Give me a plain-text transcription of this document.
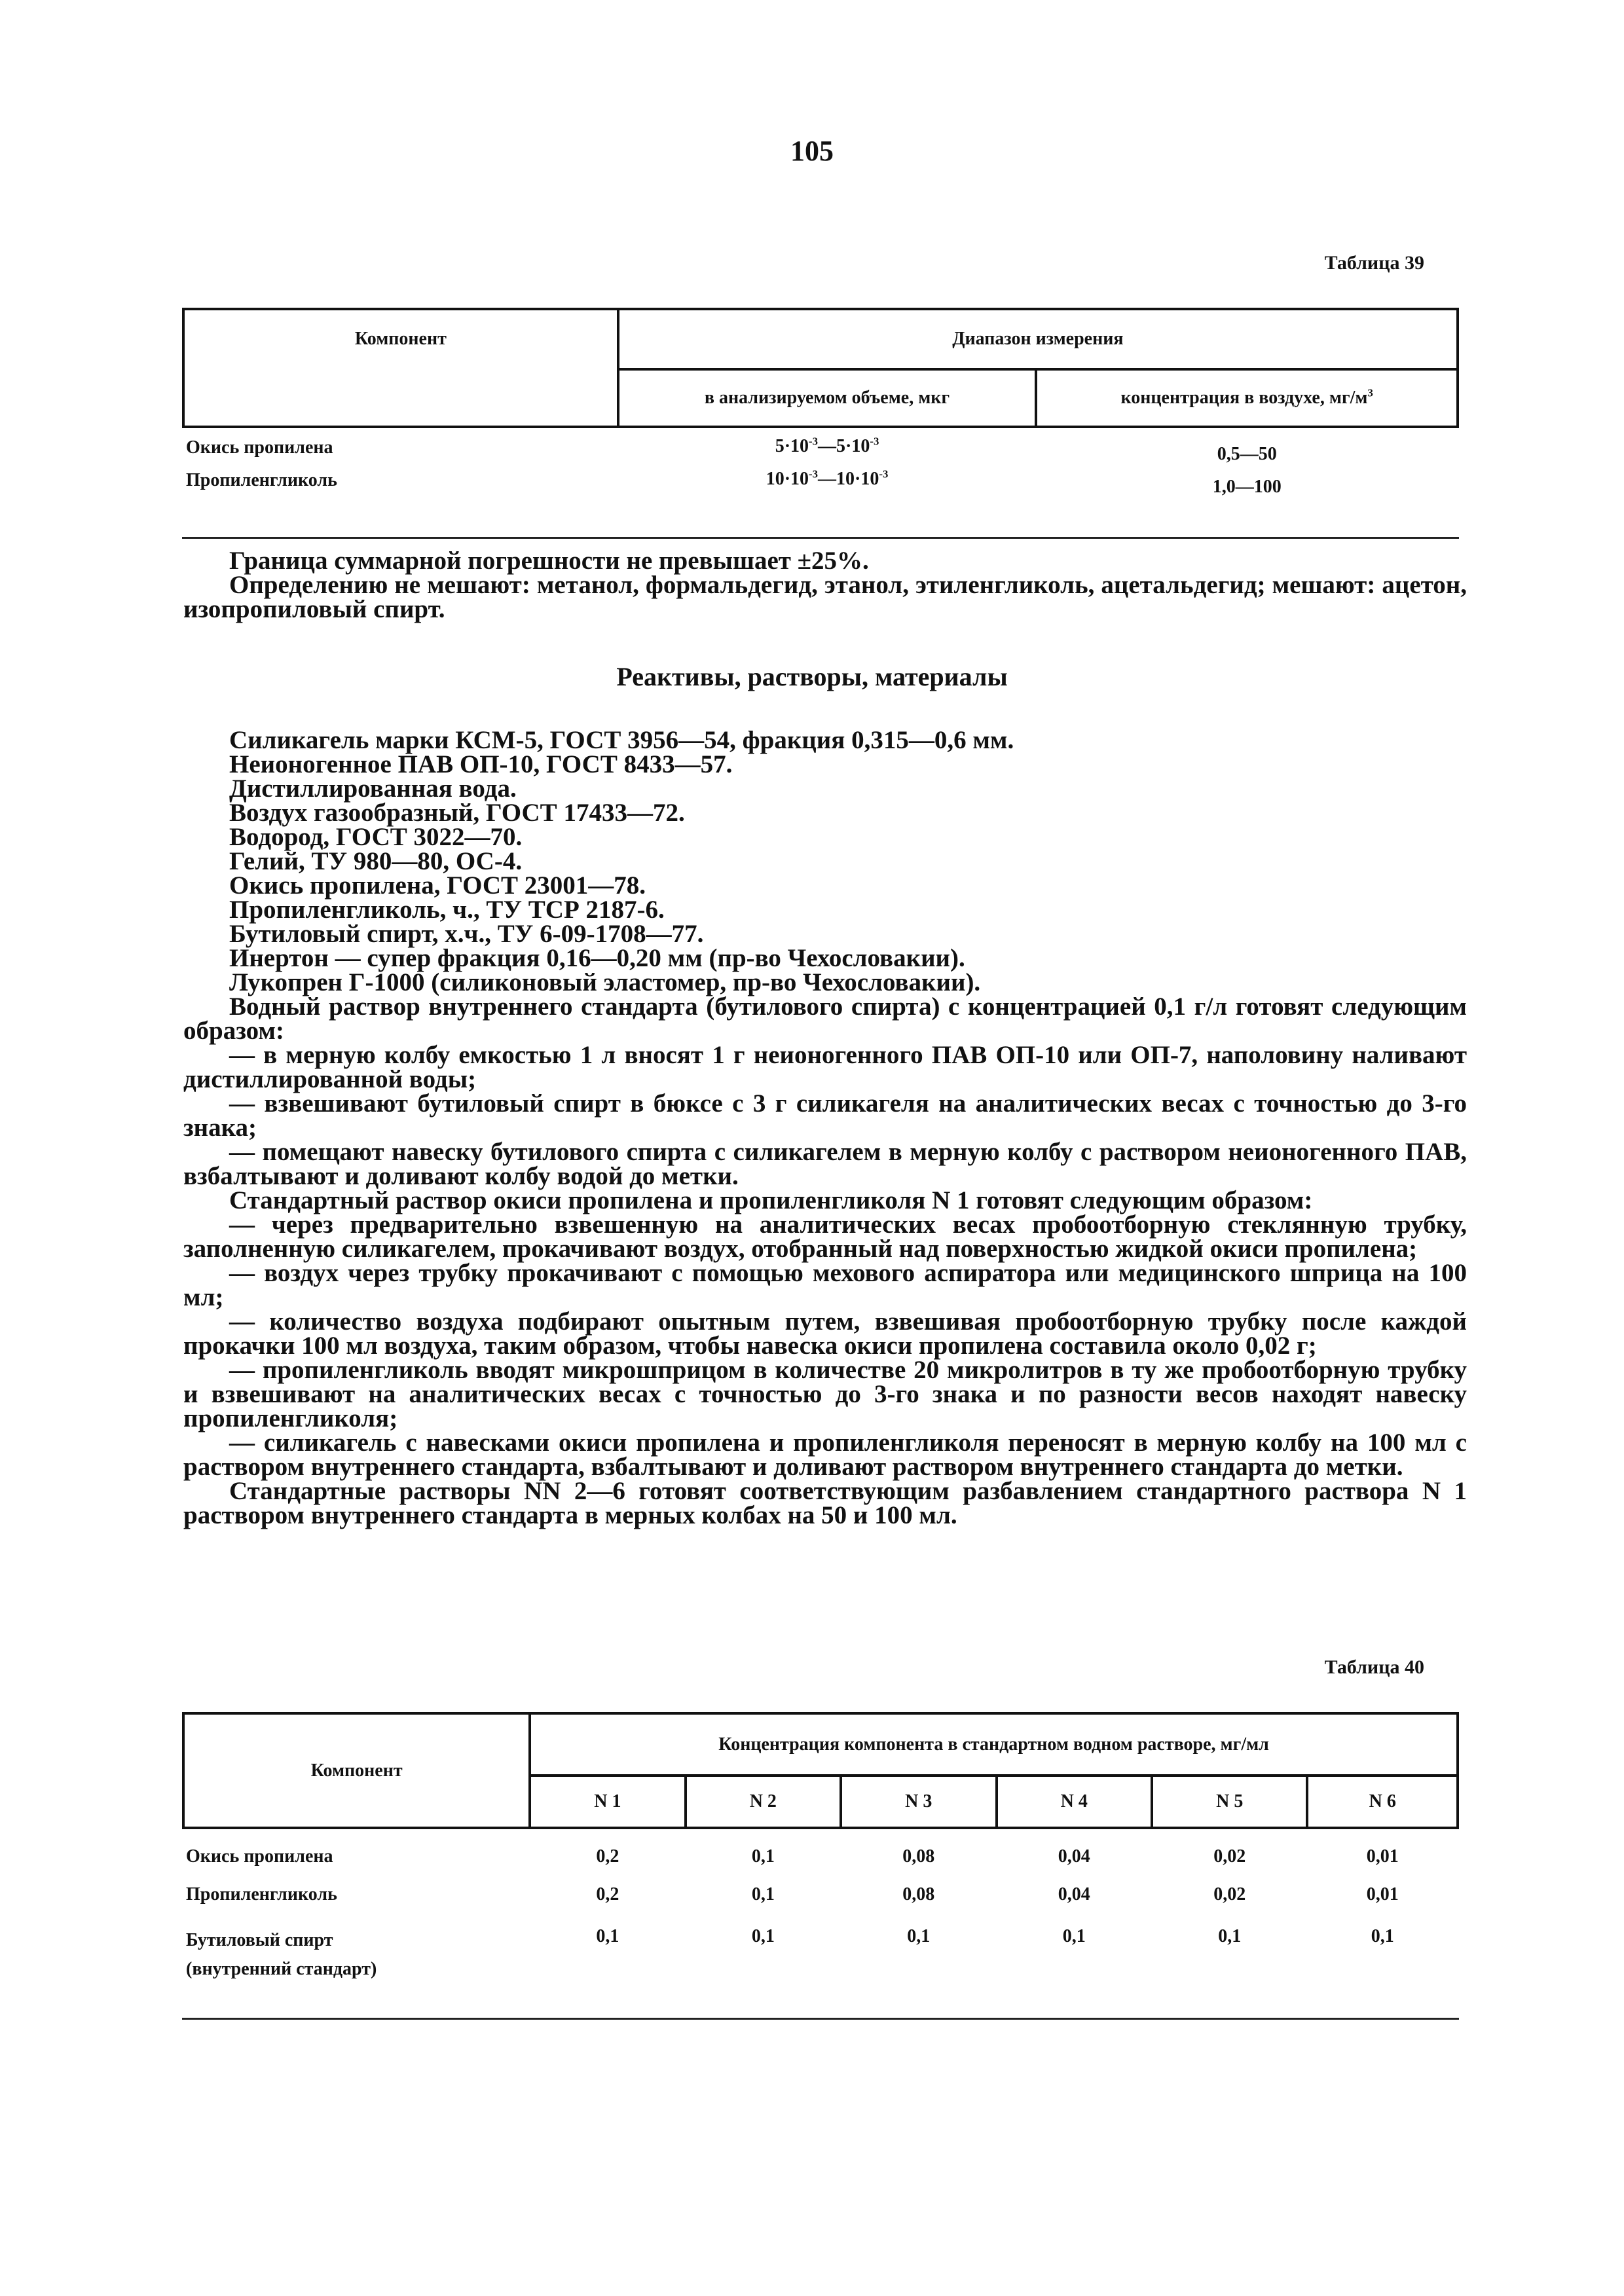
105
Таблица 39
Компонент	Диапазон измерения	
	в анализируемом объеме, мкг	концентрация в воздухе, $мг/м^3$
Окись пропилена	$5\cdot 10^{-3}—5\cdot 10^{-3}$	0,5—50
Пропиленгликоль	$10\cdot 10^{-3}—10\cdot 10^{-3}$	1,0—100

Граница суммарной погрешности не превышает ±25%.

Определению не мешают: метанол, формальдегид, этанол, этиленгликоль, ацетальдегид; мешают: ацетон, изопропиловый спирт.

Реактивы, растворы, материалы

Силикагель марки КСМ-5, ГОСТ 3956—54, фракция 0,315—0,6 мм.

Неионогенное ПАВ ОП-10, ГОСТ 8433—57.

Дистиллированная вода.

Воздух газообразный, ГОСТ 17433—72.

Водород, ГОСТ 3022—70.

Гелий, ТУ 980—80, ОС-4.

Окись пропилена, ГОСТ 23001—78.

Пропиленгликоль, ч., ТУ ТСР 2187-6.

Бутиловый спирт, х.ч., ТУ 6-09-1708—77.

Инертон — супер фракция 0,16—0,20 мм (пр-во Чехословакии).

Лукопрен Г-1000 (силиконовый эластомер, пр-во Чехословакии).

Водный раствор внутреннего стандарта (бутилового спирта) с концентрацией 0,1 г/л готовят следующим образом:

— в мерную колбу емкостью 1 л вносят 1 г неионогенного ПАВ ОП-10 или ОП-7, наполовину наливают дистиллированной воды;

— взвешивают бутиловый спирт в бюксе с 3 г силикагеля на аналитических весах с точностью до 3-го знака;

— помещают навеску бутилового спирта с силикагелем в мерную колбу с раствором неионогенного ПАВ, взбалтывают и доливают колбу водой до метки.

Стандартный раствор окиси пропилена и пропиленгликоля N 1 готовят следующим образом:

— через предварительно взвешенную на аналитических весах пробоотборную стеклянную трубку, заполненную силикагелем, прокачивают воздух, отобранный над поверхностью жидкой окиси пропилена;

— воздух через трубку прокачивают с помощью мехового аспиратора или медицинского шприца на 100 мл;

— количество воздуха подбирают опытным путем, взвешивая пробоотборную трубку после каждой прокачки 100 мл воздуха, таким образом, чтобы навеска окиси пропилена составила около 0,02 г;

— пропиленгликоль вводят микрошприцом в количестве 20 микролитров в ту же пробоотборную трубку и взвешивают на аналитических весах с точностью до 3-го знака и по разности весов находят навеску пропиленгликоля;

— силикагель с навесками окиси пропилена и пропиленгликоля переносят в мерную колбу на 100 мл с раствором внутреннего стандарта, взбалтывают и доливают раствором внутреннего стандарта до метки.

Стандартные растворы NN 2—6 готовят соответствующим разбавлением стандартного раствора N 1 раствором внутреннего стандарта в мерных колбах на 50 и 100 мл.

Таблица 40
Компонент	Концентрация компонента в стандартном водном растворе, мг/мл					
	N 1	N 2	N 3	N 4	N 5	N 6
Окись пропилена	0,2	0,1	0,08	0,04	0,02	0,01
Пропиленгликоль	0,2	0,1	0,08	0,04	0,02	0,01

Бутиловый спирт
(внутренний стандарт)	0,1	0,1	0,1	0,1	0,1	0,1
